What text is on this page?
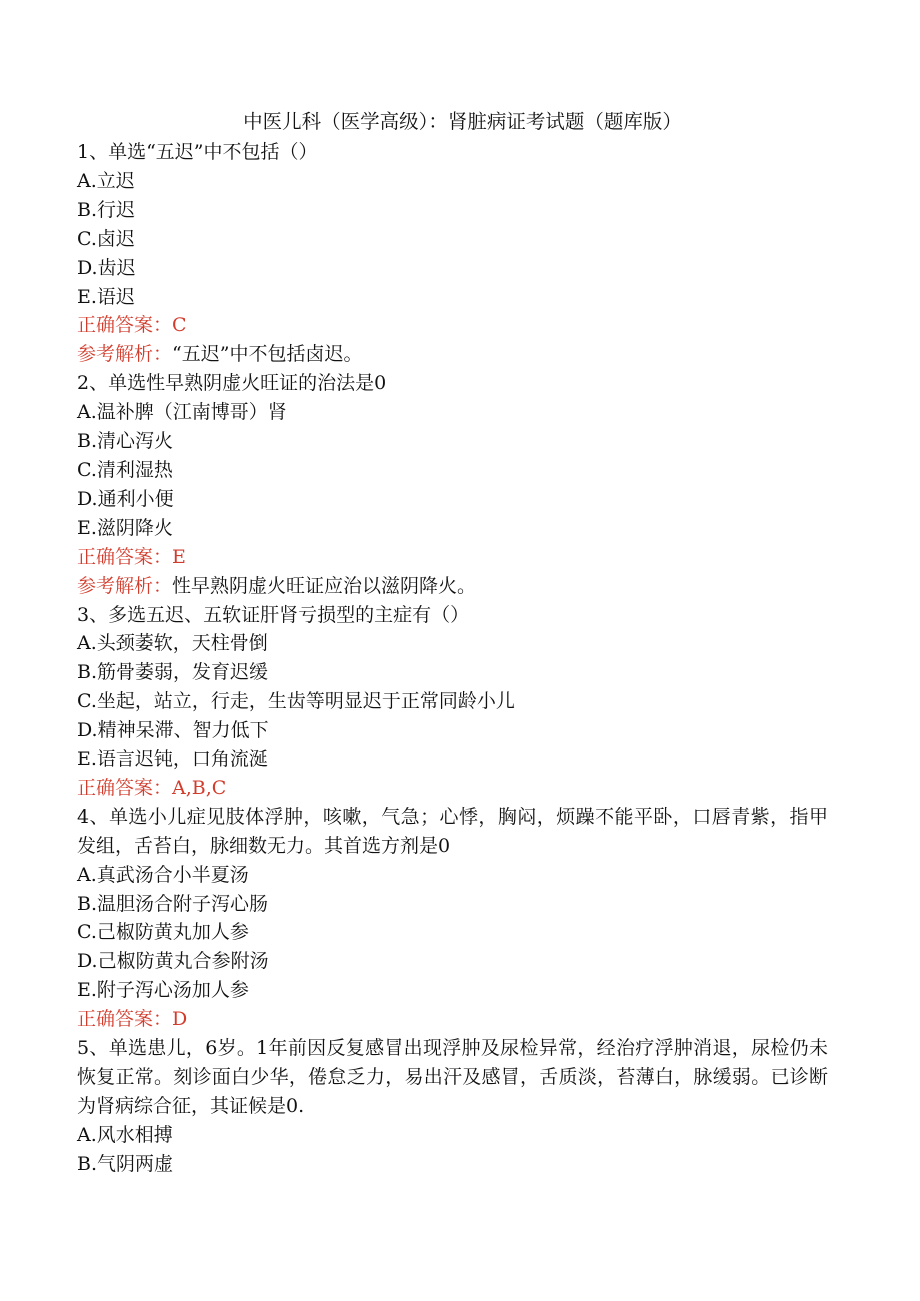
中医儿科（医学高级）：肾脏病证考试题（题库版）

1、单选“五迟”中不包括（）

A.立迟

B.行迟

C.卤迟

D.齿迟

E.语迟

正确答案：C

参考解析：“五迟”中不包括卤迟。

2、单选性早熟阴虚火旺证的治法是0

A.温补脾（江南博哥）肾

B.清心泻火

C.清利湿热

D.通利小便

E.滋阴降火

正确答案：E

参考解析：性早熟阴虚火旺证应治以滋阴降火。

3、多选五迟、五软证肝肾亏损型的主症有（）

A.头颈萎软，天柱骨倒

B.筋骨萎弱，发育迟缓

C.坐起，站立，行走，生齿等明显迟于正常同龄小儿

D.精神呆滞、智力低下

E.语言迟钝，口角流涎

正确答案：A,B,C

4、单选小儿症见肢体浮肿，咳嗽，气急；心悸，胸闷，烦躁不能平卧，口唇青紫，指甲发组，舌苔白，脉细数无力。其首选方剂是0

A.真武汤合小半夏汤

B.温胆汤合附子泻心肠

C.己椒防黄丸加人参

D.己椒防黄丸合参附汤

E.附子泻心汤加人参

正确答案：D

5、单选患儿，6岁。1年前因反复感冒出现浮肿及尿检异常，经治疗浮肿消退，尿检仍未恢复正常。刻诊面白少华，倦怠乏力，易出汗及感冒，舌质淡，苔薄白，脉缓弱。已诊断为肾病综合征，其证候是0.

A.风水相搏

B.气阴两虚
